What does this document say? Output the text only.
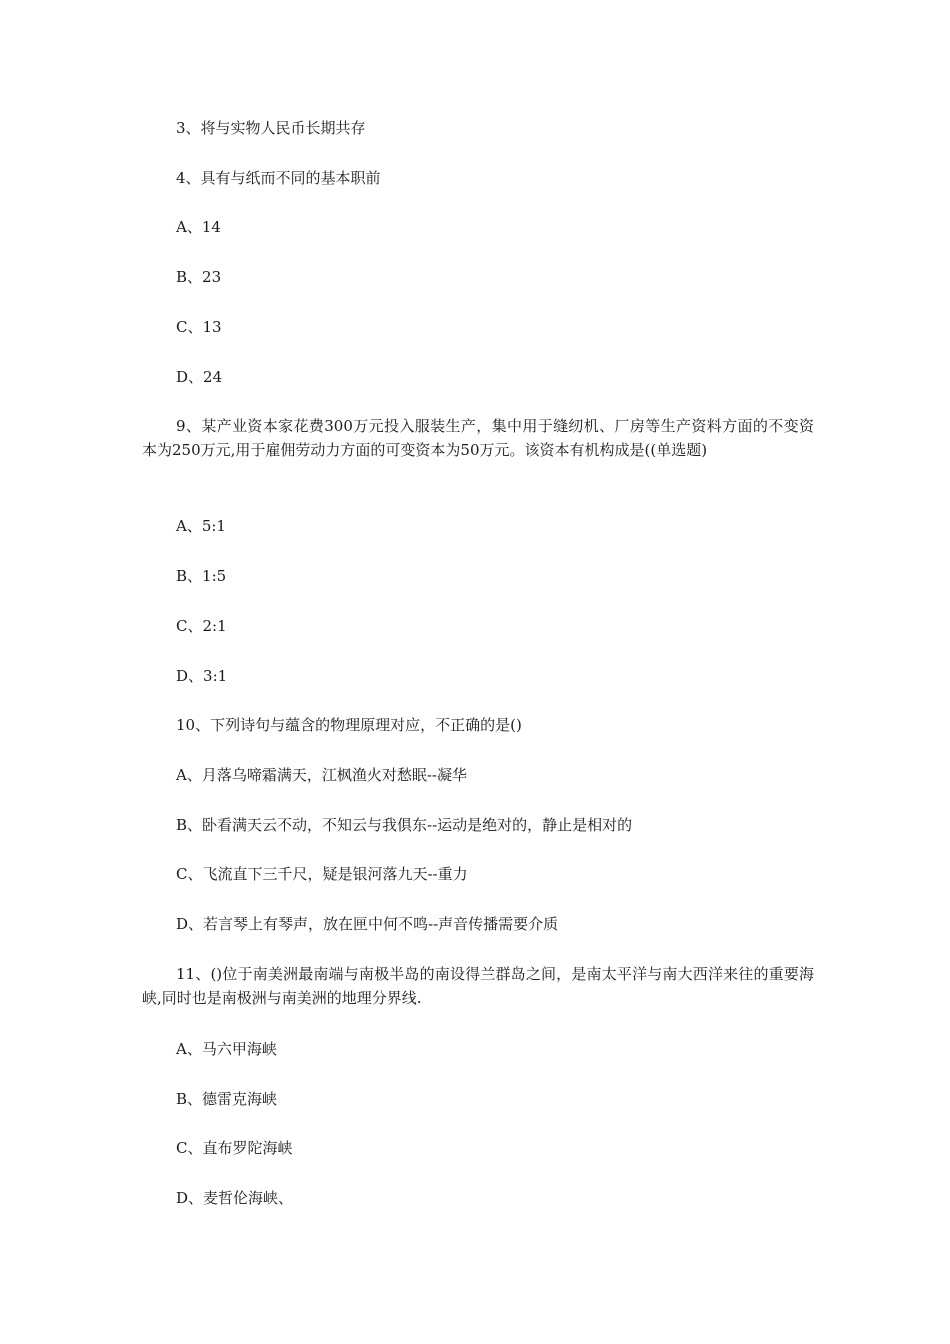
3、将与实物人民币长期共存
4、具有与纸而不同的基本职前
A、14
B、23
C、13
D、24
9、某产业资本家花费300万元投入服装生产，集中用于缝纫机、厂房等生产资料方面的不变资本为250万元,用于雇佣劳动力方面的可变资本为50万元。该资本有机构成是((单选题)
A、5:1
B、1:5
C、2:1
D、3:1
10、下列诗句与蕴含的物理原理对应，不正确的是()
A、月落乌啼霜满天，江枫渔火对愁眠--凝华
B、卧看满天云不动，不知云与我俱东--运动是绝对的，静止是相对的
C、飞流直下三千尺，疑是银河落九天--重力
D、若言琴上有琴声，放在匣中何不鸣--声音传播需要介质
11、()位于南美洲最南端与南极半岛的南设得兰群岛之间，是南太平洋与南大西洋来往的重要海峡,同时也是南极洲与南美洲的地理分界线.
A、马六甲海峡
B、德雷克海峡
C、直布罗陀海峡
D、麦哲伦海峡、
